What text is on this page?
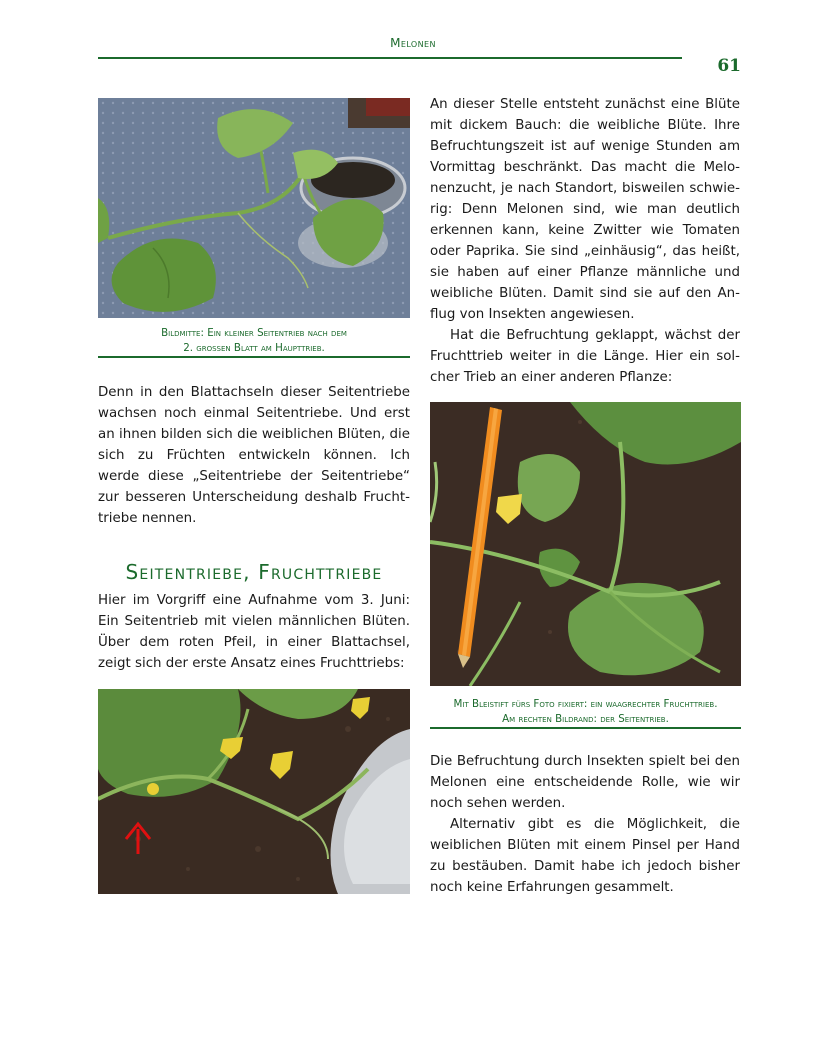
Melonen
61
Bildmitte: Ein kleiner Seitentrieb nach dem
2. großen Blatt am Haupttrieb.

Denn in den Blattachseln dieser Seitentriebe wachsen noch einmal Seitentriebe. Und erst an ihnen bilden sich die weiblichen Blüten, die sich zu Früchten entwickeln können. Ich werde diese „Seitentriebe der Seitentriebe“ zur besseren Unterscheidung deshalb Fruchttriebe nennen.

Seitentriebe, Fruchttriebe

Hier im Vorgriff eine Aufnahme vom 3. Juni: Ein Seitentrieb mit vielen männlichen Blüten. Über dem roten Pfeil, in einer Blattachsel, zeigt sich der erste Ansatz eines Fruchttriebs:

An dieser Stelle entsteht zunächst eine Blüte mit dickem Bauch: die weibliche Blüte. Ihre Befruchtungszeit ist auf wenige Stunden am Vormittag beschränkt. Das macht die Melonenzucht, je nach Standort, bisweilen schwierig: Denn Melonen sind, wie man deutlich erkennen kann, keine Zwitter wie Tomaten oder Paprika. Sie sind „einhäusig“, das heißt, sie haben auf einer Pflanze männliche und weibliche Blüten. Damit sind sie auf den Anflug von Insekten angewiesen.

Hat die Befruchtung geklappt, wächst der Fruchttrieb weiter in die Länge. Hier ein solcher Trieb an einer anderen Pflanze:

Mit Bleistift fürs Foto fixiert: ein waagrechter Fruchttrieb.
Am rechten Bildrand: der Seitentrieb.

Die Befruchtung durch Insekten spielt bei den Melonen eine entscheidende Rolle, wie wir noch sehen werden.

Alternativ gibt es die Möglichkeit, die weiblichen Blüten mit einem Pinsel per Hand zu bestäuben. Damit habe ich jedoch bisher noch keine Erfahrungen gesammelt.
